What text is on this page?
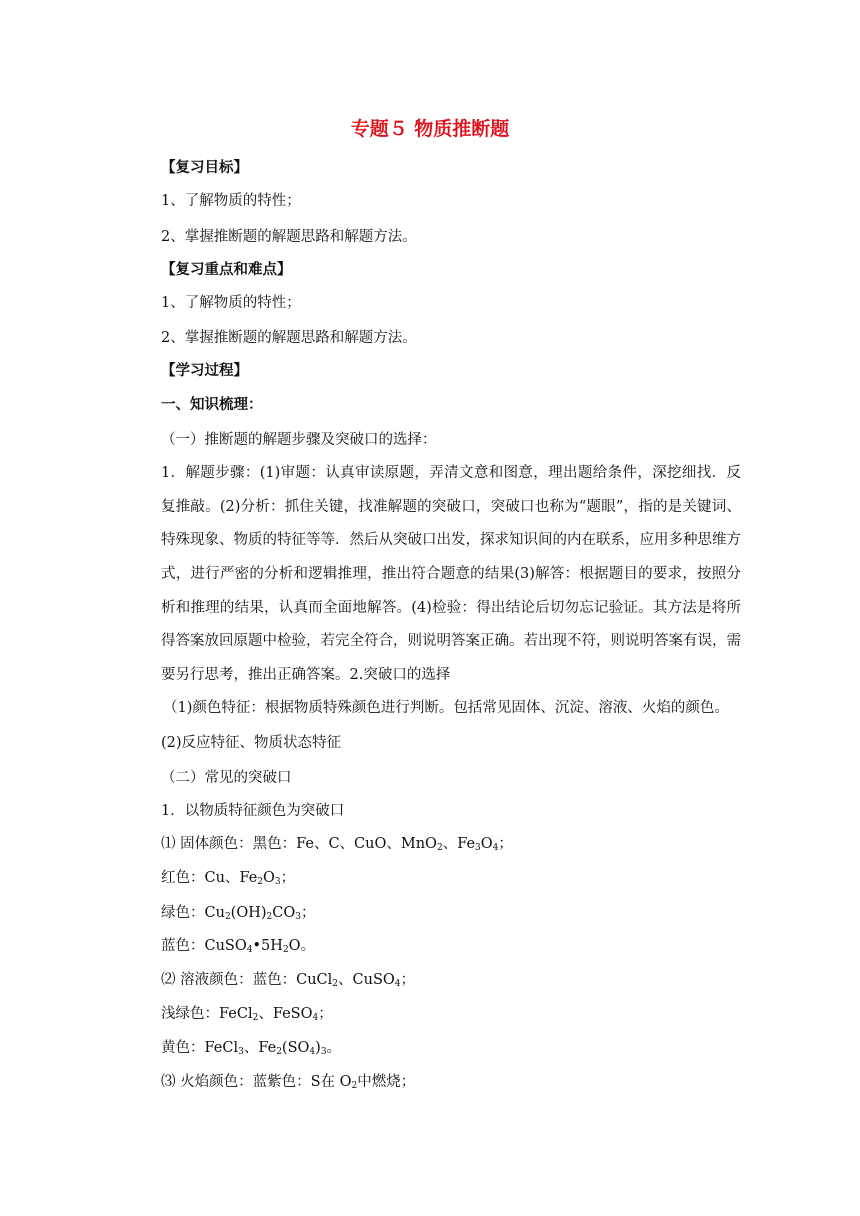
专题５ 物质推断题
【复习目标】
1、了解物质的特性；
2、掌握推断题的解题思路和解题方法。
【复习重点和难点】
1、了解物质的特性；
2、掌握推断题的解题思路和解题方法。
【学习过程】
一、知识梳理：
（一）推断题的解题步骤及突破口的选择：
1．解题步骤：(1)审题：认真审读原题，弄清文意和图意，理出题给条件，深挖细找．反
复推敲。(2)分析：抓住关键，找准解题的突破口，突破口也称为“题眼”，指的是关键词、
特殊现象、物质的特征等等．然后从突破口出发，探求知识间的内在联系，应用多种思维方
式，进行严密的分析和逻辑推理，推出符合题意的结果(3)解答：根据题目的要求，按照分
析和推理的结果，认真而全面地解答。(4)检验：得出结论后切勿忘记验证。其方法是将所
得答案放回原题中检验，若完全符合，则说明答案正确。若出现不符，则说明答案有误，需
要另行思考，推出正确答案。2.突破口的选择
（1)颜色特征：根据物质特殊颜色进行判断。包括常见固体、沉淀、溶液、火焰的颜色。
(2)反应特征、物质状态特征
（二）常见的突破口
1．以物质特征颜色为突破口
⑴ 固体颜色：黑色：Fe、C、CuO、MnO$_2$、$Fe_3O_4$；
红色：Cu、$Fe_2O_3$；
绿色：$Cu_2(OH)_2CO_3$；
蓝色：$CuSO_4•5H_2O$。
⑵ 溶液颜色：蓝色：CuCl$_2$、CuSO$_4$；
浅绿色：FeCl$_2$、FeSO$_4$；
黄色：FeCl$_3$、$Fe_2(SO_4)_3$。
⑶ 火焰颜色：蓝紫色：S在 $O_2$中燃烧；
